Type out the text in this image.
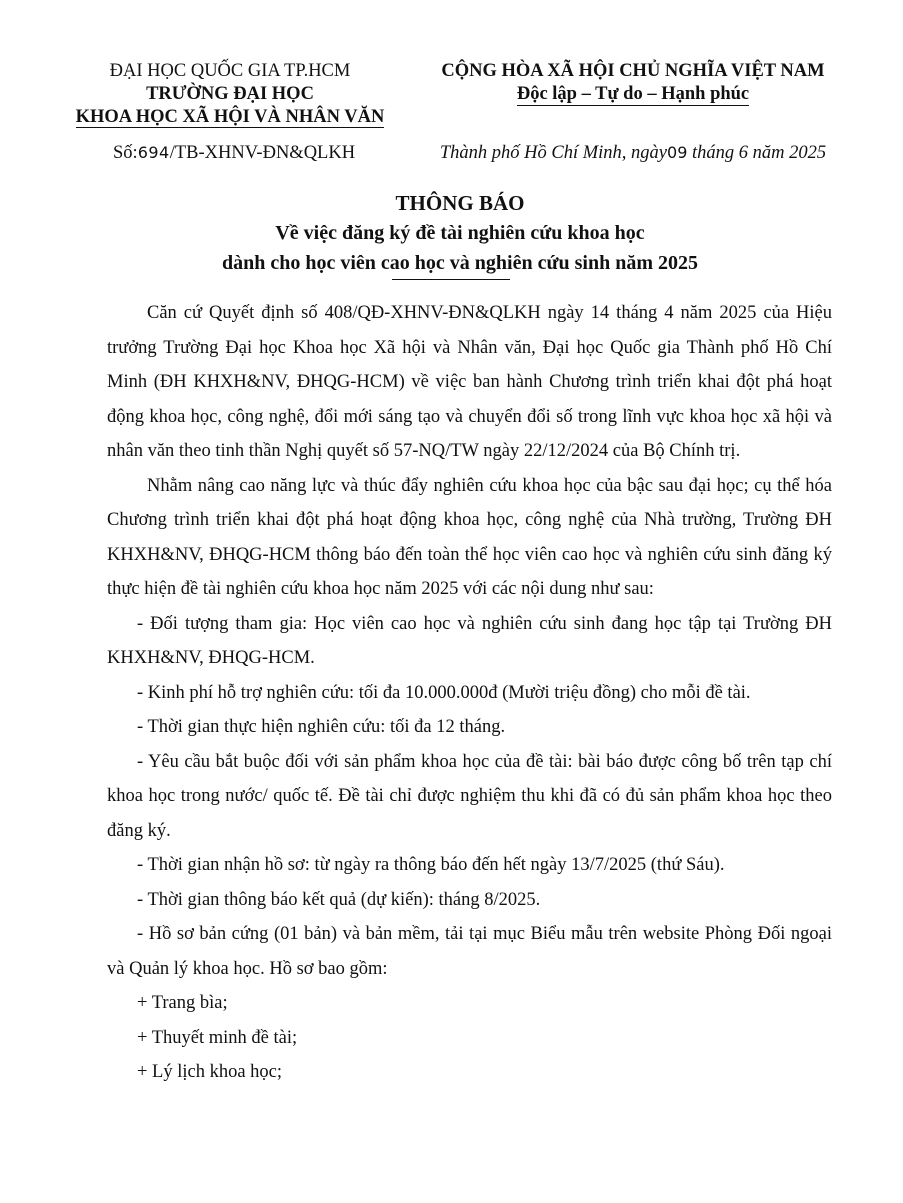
ĐẠI HỌC QUỐC GIA TP.HCM
TRƯỜNG ĐẠI HỌC
KHOA HỌC XÃ HỘI VÀ NHÂN VĂN
CỘNG HÒA XÃ HỘI CHỦ NGHĨA VIỆT NAM
Độc lập – Tự do – Hạnh phúc
Số:694/TB-XHNV-ĐN&QLKH	Thành phố Hồ Chí Minh, ngày09 tháng 6 năm 2025
THÔNG BÁO
Về việc đăng ký đề tài nghiên cứu khoa học
dành cho học viên cao học và nghiên cứu sinh năm 2025

Căn cứ Quyết định số 408/QĐ-XHNV-ĐN&QLKH ngày 14 tháng 4 năm 2025 của Hiệu trưởng Trường Đại học Khoa học Xã hội và Nhân văn, Đại học Quốc gia Thành phố Hồ Chí Minh (ĐH KHXH&NV, ĐHQG-HCM) về việc ban hành Chương trình triển khai đột phá hoạt động khoa học, công nghệ, đổi mới sáng tạo và chuyển đổi số trong lĩnh vực khoa học xã hội và nhân văn theo tinh thần Nghị quyết số 57-NQ/TW ngày 22/12/2024 của Bộ Chính trị.

Nhằm nâng cao năng lực và thúc đẩy nghiên cứu khoa học của bậc sau đại học; cụ thể hóa Chương trình triển khai đột phá hoạt động khoa học, công nghệ của Nhà trường, Trường ĐH KHXH&NV, ĐHQG-HCM thông báo đến toàn thể học viên cao học và nghiên cứu sinh đăng ký thực hiện đề tài nghiên cứu khoa học năm 2025 với các nội dung như sau:

- Đối tượng tham gia: Học viên cao học và nghiên cứu sinh đang học tập tại Trường ĐH KHXH&NV, ĐHQG-HCM.

- Kinh phí hỗ trợ nghiên cứu: tối đa 10.000.000đ (Mười triệu đồng) cho mỗi đề tài.

- Thời gian thực hiện nghiên cứu: tối đa 12 tháng.

- Yêu cầu bắt buộc đối với sản phẩm khoa học của đề tài: bài báo được công bố trên tạp chí khoa học trong nước/ quốc tế. Đề tài chỉ được nghiệm thu khi đã có đủ sản phẩm khoa học theo đăng ký.

- Thời gian nhận hồ sơ: từ ngày ra thông báo đến hết ngày 13/7/2025 (thứ Sáu).

- Thời gian thông báo kết quả (dự kiến): tháng 8/2025.

- Hồ sơ bản cứng (01 bản) và bản mềm, tải tại mục Biểu mẫu trên website Phòng Đối ngoại và Quản lý khoa học. Hồ sơ bao gồm:

+ Trang bìa;

+ Thuyết minh đề tài;

+ Lý lịch khoa học;
